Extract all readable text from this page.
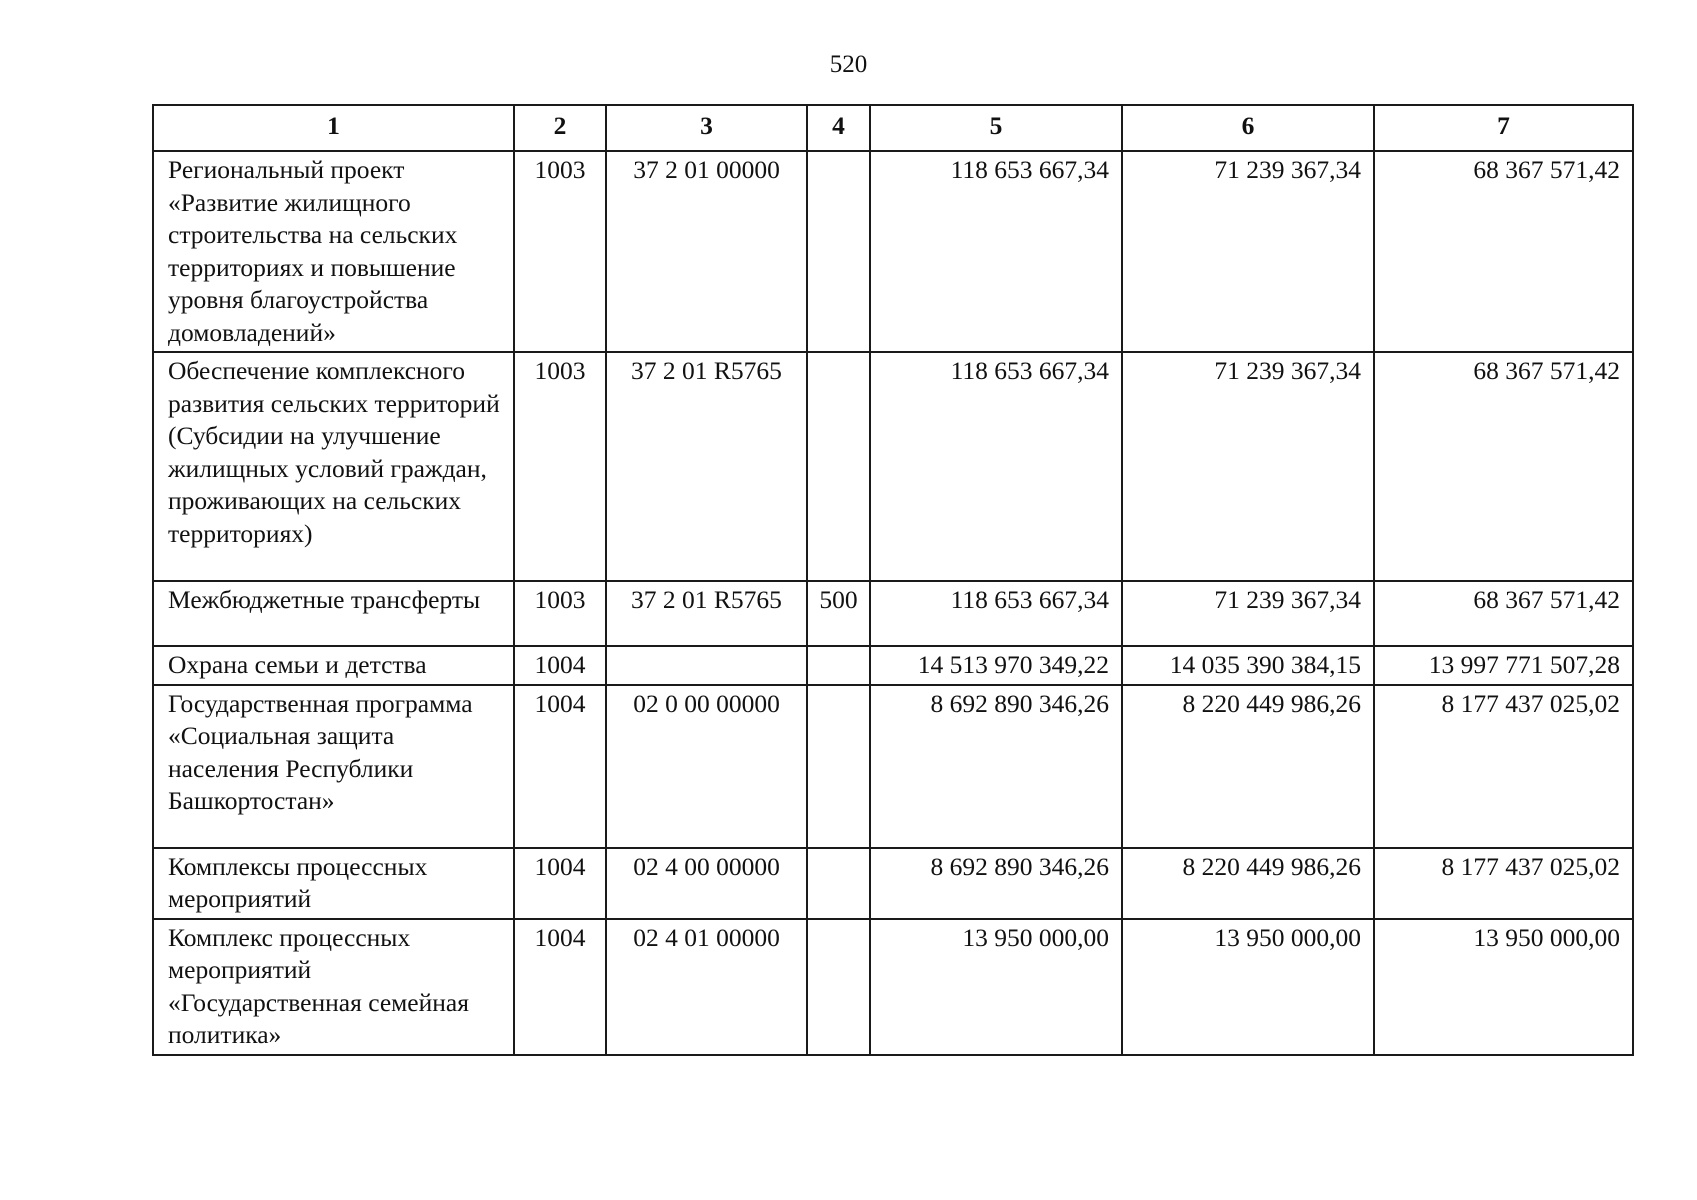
520
1	2	3	4	5	6	7
Региональный проект «Развитие жилищного строительства на сельских территориях и повышение уровня благоустройства домовладений»	1003	37 2 01 00000		118 653 667,34	71 239 367,34	68 367 571,42
Обеспечение комплексного развития сельских территорий (Субсидии на улучшение жилищных условий граждан, проживающих на сельских территориях)	1003	37 2 01 R5765		118 653 667,34	71 239 367,34	68 367 571,42
Межбюджетные трансферты	1003	37 2 01 R5765	500	118 653 667,34	71 239 367,34	68 367 571,42
Охрана семьи и детства	1004			14 513 970 349,22	14 035 390 384,15	13 997 771 507,28
Государственная программа «Социальная защита населения Республики Башкортостан»	1004	02 0 00 00000		8 692 890 346,26	8 220 449 986,26	8 177 437 025,02
Комплексы процессных мероприятий	1004	02 4 00 00000		8 692 890 346,26	8 220 449 986,26	8 177 437 025,02
Комплекс процессных мероприятий «Государственная семейная политика»	1004	02 4 01 00000		13 950 000,00	13 950 000,00	13 950 000,00
